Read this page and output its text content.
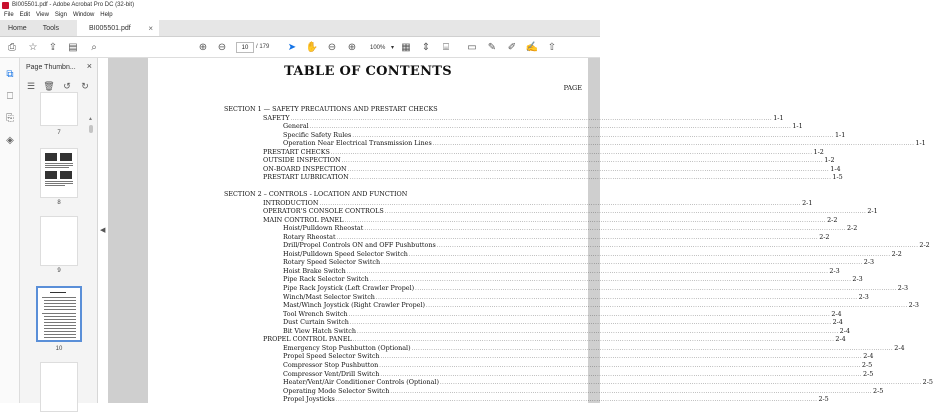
BI005501.pdf - Adobe Acrobat Pro DC (32-bit)
File Edit View Sign Window Help
Home	Tools	BI005501.pdf ×
⎙ ☆ ⇪ ▤	⌕	⊕ ⊖	10	/ 179 ➤ ✋ ⊖ ⊕	100% ▾ ▦ ⇕	⌸	▭ ✎ ✐ ✍ ⇧
⧉
⎕
⎘
◈
Page Thumbn... ×
☰ 🗑 ↺	↻
7
8
9
10
▲
◀
TABLE OF CONTENTS
PAGE
SECTION 1 — SAFETY PRECAUTIONS AND PRESTART CHECKS
SAFETY ............................................................................................................................................................................................................................ 1-1
General ............................................................................................................................................................................................................................ 1-1
Specific Safety Rules ............................................................................................................................................................................................................................ 1-1
Operation Near Electrical Transmission Lines ............................................................................................................................................................................................................................ 1-1
PRESTART CHECKS ............................................................................................................................................................................................................................ 1-2
OUTSIDE INSPECTION ............................................................................................................................................................................................................................ 1-2
ON-BOARD INSPECTION ............................................................................................................................................................................................................................ 1-4
PRESTART LUBRICATION ............................................................................................................................................................................................................................ 1-5
SECTION 2 – CONTROLS - LOCATION AND FUNCTION
INTRODUCTION ............................................................................................................................................................................................................................ 2-1
OPERATOR'S CONSOLE CONTROLS ............................................................................................................................................................................................................................ 2-1
MAIN CONTROL PANEL ............................................................................................................................................................................................................................ 2-2
Hoist/Pulldown Rheostat ............................................................................................................................................................................................................................ 2-2
Rotary Rheostat ............................................................................................................................................................................................................................ 2-2
Drill/Propel Controls ON and OFF Pushbuttons ............................................................................................................................................................................................................................ 2-2
Hoist/Pulldown Speed Selector Switch ............................................................................................................................................................................................................................ 2-2
Rotary Speed Selector Switch ............................................................................................................................................................................................................................ 2-3
Hoist Brake Switch ............................................................................................................................................................................................................................ 2-3
Pipe Rack Selector Switch ............................................................................................................................................................................................................................ 2-3
Pipe Rack Joystick (Left Crawler Propel) ............................................................................................................................................................................................................................ 2-3
Winch/Mast Selector Switch ............................................................................................................................................................................................................................ 2-3
Mast/Winch Joystick (Right Crawler Propel) ............................................................................................................................................................................................................................ 2-3
Tool Wrench Switch ............................................................................................................................................................................................................................ 2-4
Dust Curtain Switch ............................................................................................................................................................................................................................ 2-4
Bit View Hatch Switch ............................................................................................................................................................................................................................ 2-4
PROPEL CONTROL PANEL ............................................................................................................................................................................................................................ 2-4
Emergency Stop Pushbutton (Optional) ............................................................................................................................................................................................................................ 2-4
Propel Speed Selector Switch ............................................................................................................................................................................................................................ 2-4
Compressor Stop Pushbutton ............................................................................................................................................................................................................................ 2-5
Compressor Vent/Drill Switch ............................................................................................................................................................................................................................ 2-5
Heater/Vent/Air Conditioner Controls (Optional) ............................................................................................................................................................................................................................ 2-5
Operating Mode Selector Switch ............................................................................................................................................................................................................................ 2-5
Propel Joysticks ............................................................................................................................................................................................................................ 2-5
